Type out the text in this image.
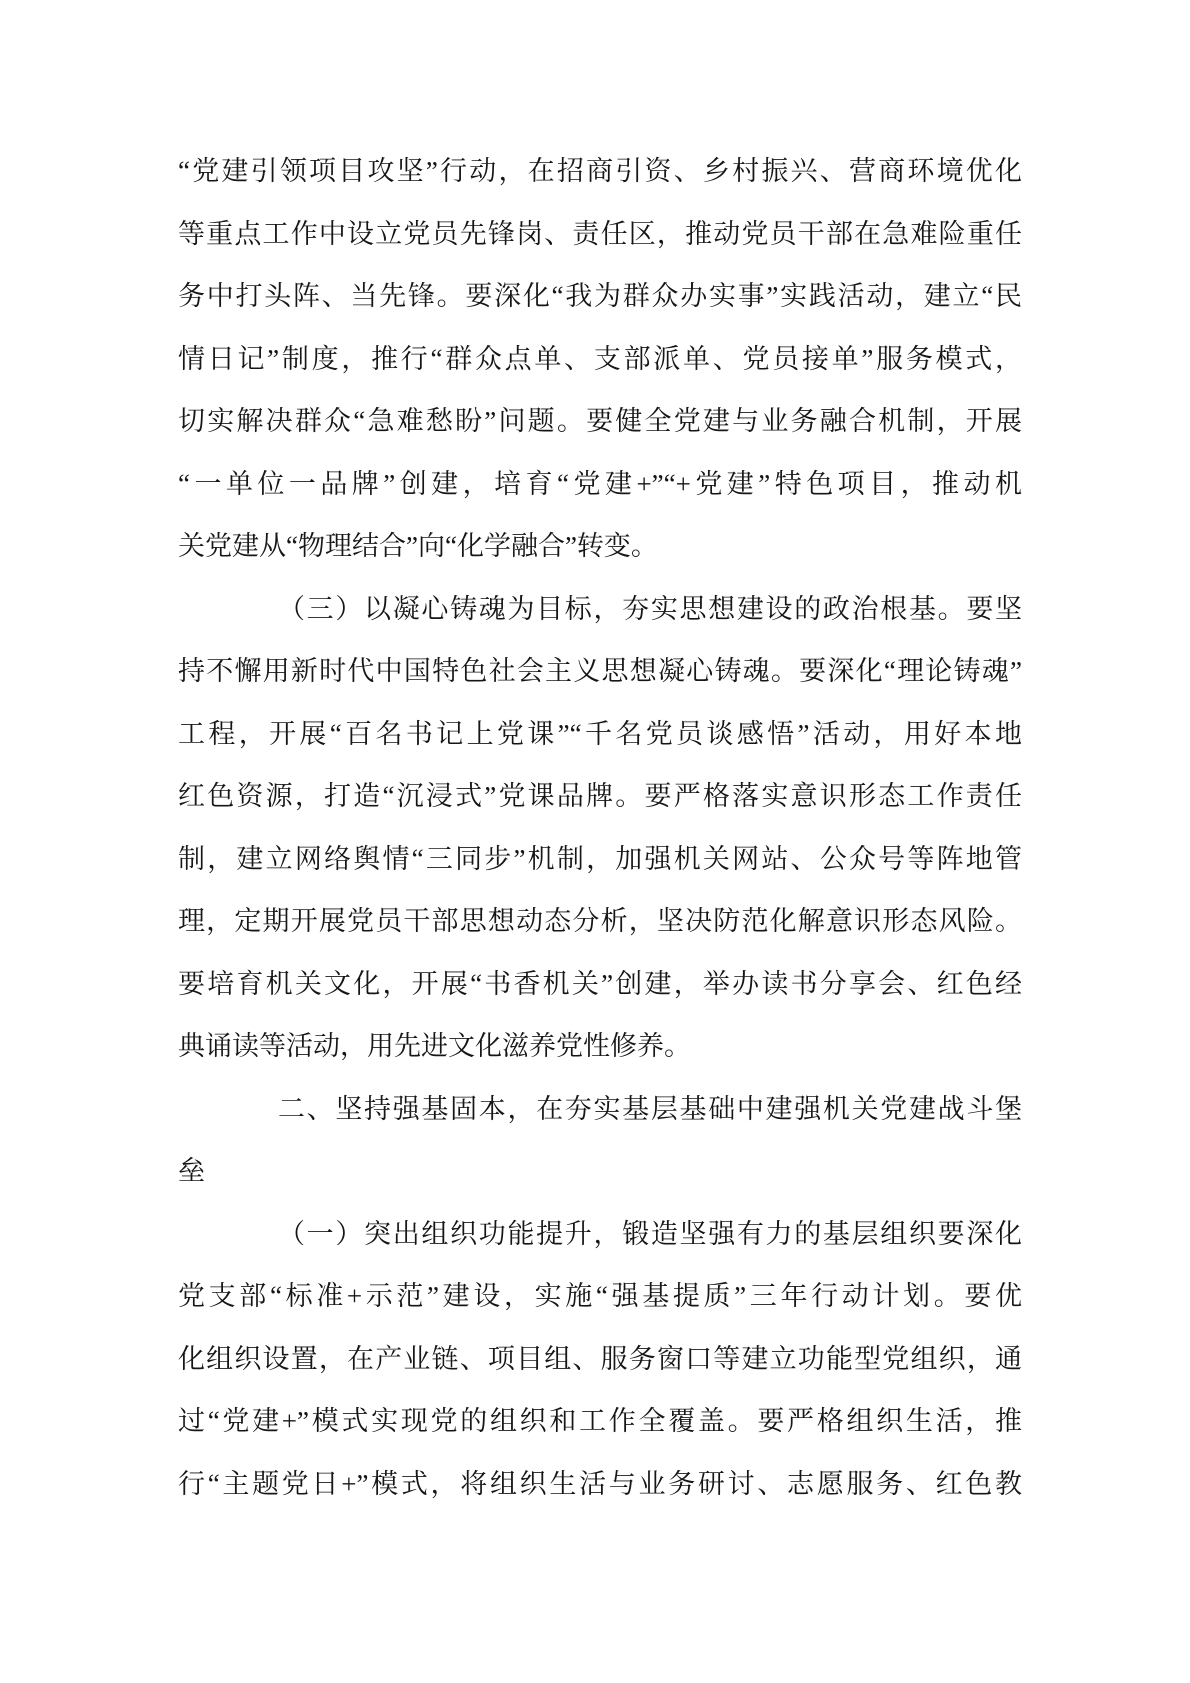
“党建引领项目攻坚”行动，在招商引资、乡村振兴、营商环境优化
等重点工作中设立党员先锋岗、责任区，推动党员干部在急难险重任
务中打头阵、当先锋。要深化“我为群众办实事”实践活动，建立“民
情日记”制度，推行“群众点单、支部派单、党员接单”服务模式，
切实解决群众“急难愁盼”问题。要健全党建与业务融合机制，开展
“一单位一品牌”创建，培育“党建+”“+党建”特色项目，推动机
关党建从“物理结合”向“化学融合”转变。
（三）以凝心铸魂为目标，夯实思想建设的政治根基。要坚
持不懈用新时代中国特色社会主义思想凝心铸魂。要深化“理论铸魂”
工程，开展“百名书记上党课”“千名党员谈感悟”活动，用好本地
红色资源，打造“沉浸式”党课品牌。要严格落实意识形态工作责任
制，建立网络舆情“三同步”机制，加强机关网站、公众号等阵地管
理，定期开展党员干部思想动态分析，坚决防范化解意识形态风险。
要培育机关文化，开展“书香机关”创建，举办读书分享会、红色经
典诵读等活动，用先进文化滋养党性修养。
二、坚持强基固本，在夯实基层基础中建强机关党建战斗堡
垒
（一）突出组织功能提升，锻造坚强有力的基层组织要深化
党支部“标准+示范”建设，实施“强基提质”三年行动计划。要优
化组织设置，在产业链、项目组、服务窗口等建立功能型党组织，通
过“党建+”模式实现党的组织和工作全覆盖。要严格组织生活，推
行“主题党日+”模式，将组织生活与业务研讨、志愿服务、红色教
